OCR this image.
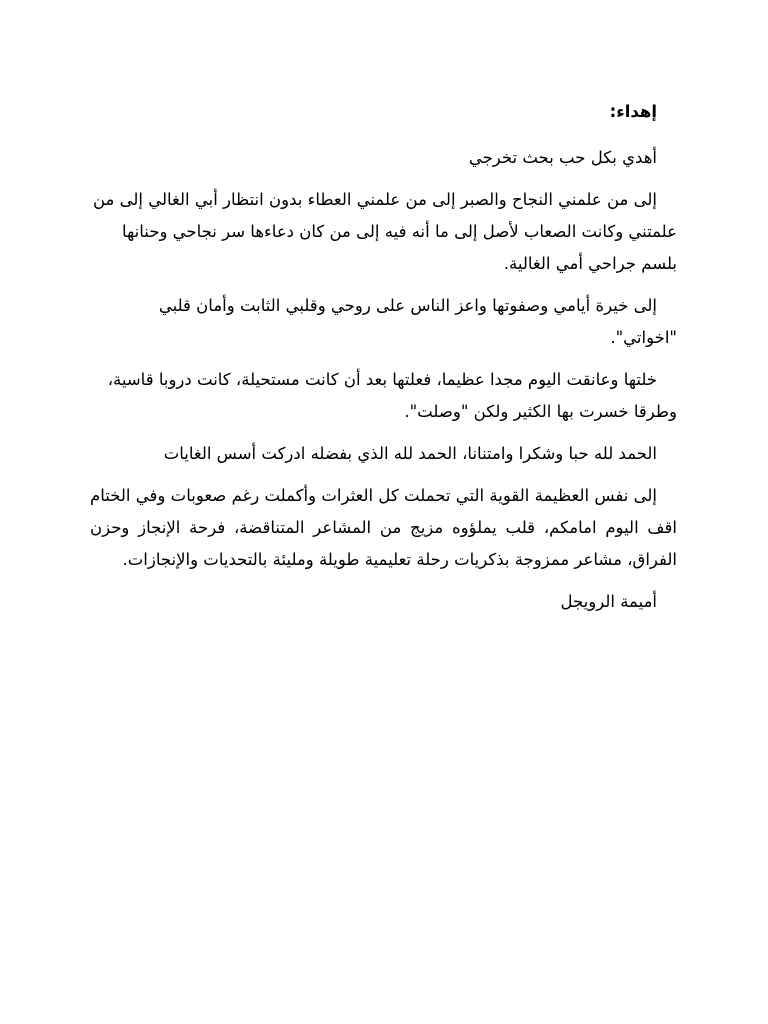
إهداء:

أهدي بكل حب بحث تخرجي

إلى من علمني النجاح والصبر إلى من علمني العطاء بدون انتظار أبي الغالي إلى من علمتني وكانت الصعاب لأصل إلى ما أنه فيه إلى من كان دعاءها سر نجاحي وحنانها بلسم جراحي أمي الغالية.

إلى خيرة أيامي وصفوتها واعز الناس على روحي وقلبي الثابت وأمان قلبي "اخواتي".

خلتها وعانقت اليوم مجدا عظيما، فعلتها بعد أن كانت مستحيلة، كانت دروبا قاسية، وطرقا خسرت بها الكثير ولكن "وصلت".

الحمد لله حبا وشكرا وامتنانا، الحمد لله الذي بفضله ادركت أسس الغايات

إلى نفس العظيمة القوية التي تحملت كل العثرات وأكملت رغم صعوبات وفي الختام اقف اليوم امامكم، قلب يملؤوه مزيج من المشاعر المتناقضة، فرحة الإنجاز وحزن الفراق، مشاعر ممزوجة بذكريات رحلة تعليمية طويلة ومليئة بالتحديات والإنجازات.

أميمة الرويجل
